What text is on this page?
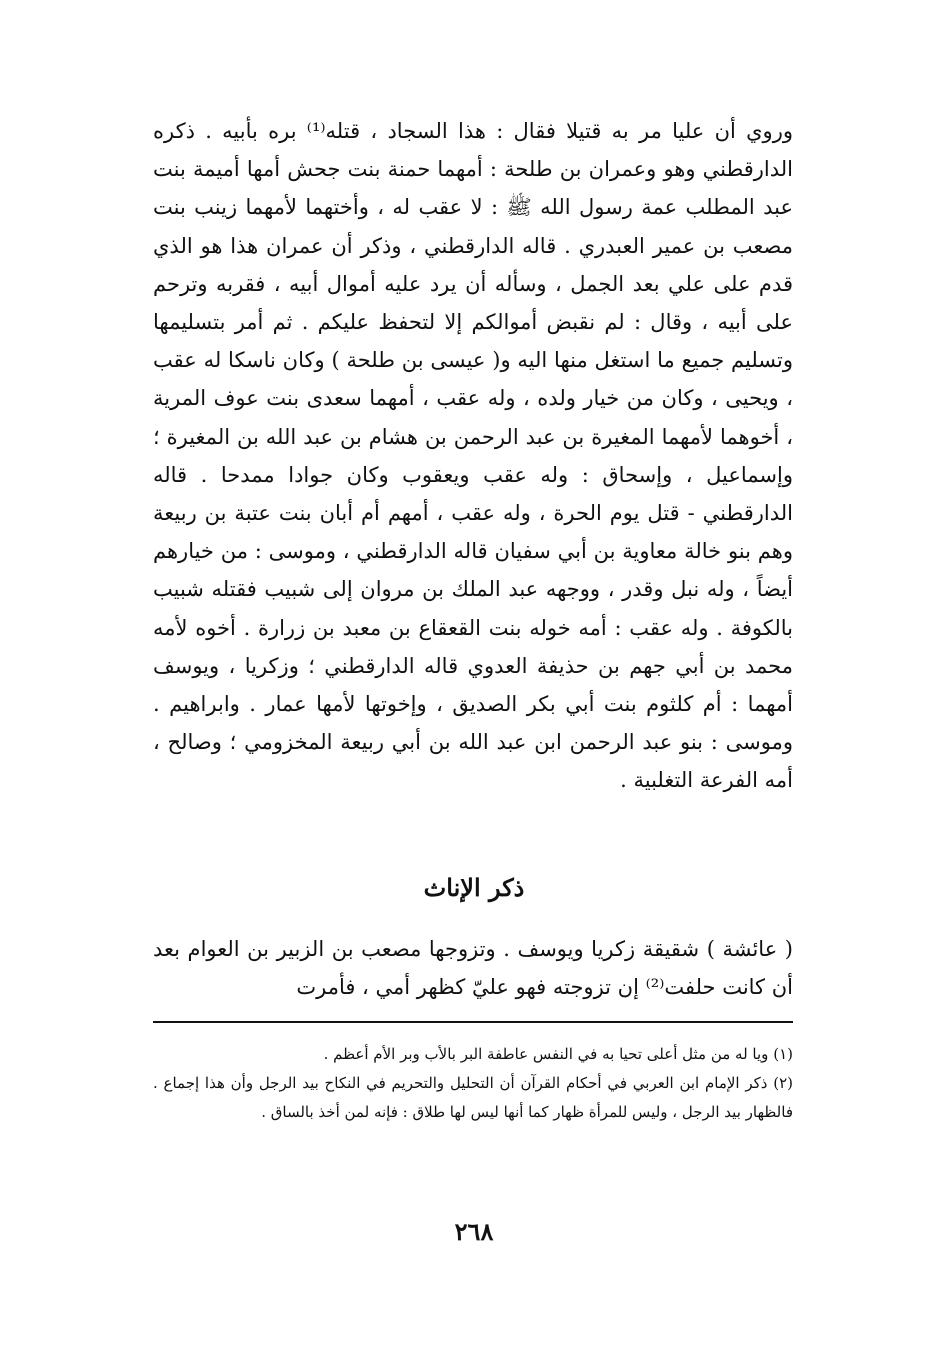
وروي أن عليا مر به قتيلا فقال : هذا السجاد ، قتله⁽¹⁾ بره بأبيه . ذكره الدارقطني وهو وعمران بن طلحة : أمهما حمنة بنت جحش أمها أميمة بنت عبد المطلب عمة رسول الله ﷺ : لا عقب له ، وأختهما لأمهما زينب بنت مصعب بن عمير العبدري . قاله الدارقطني ، وذكر أن عمران هذا هو الذي قدم على علي بعد الجمل ، وسأله أن يرد عليه أموال أبيه ، فقربه وترحم على أبيه ، وقال : لم نقبض أموالكم إلا لتحفظ عليكم . ثم أمر بتسليمها وتسليم جميع ما استغل منها اليه و( عيسى بن طلحة ) وكان ناسكا له عقب ، ويحيى ، وكان من خيار ولده ، وله عقب ، أمهما سعدى بنت عوف المرية ، أخوهما لأمهما المغيرة بن عبد الرحمن بن هشام بن عبد الله بن المغيرة ؛ وإسماعيل ، وإسحاق : وله عقب ويعقوب وكان جوادا ممدحا . قاله الدارقطني - قتل يوم الحرة ، وله عقب ، أمهم أم أبان بنت عتبة بن ربيعة وهم بنو خالة معاوية بن أبي سفيان قاله الدارقطني ، وموسى : من خيارهم أيضاً ، وله نبل وقدر ، ووجهه عبد الملك بن مروان إلى شبيب فقتله شبيب بالكوفة . وله عقب : أمه خوله بنت القعقاع بن معبد بن زرارة . أخوه لأمه محمد بن أبي جهم بن حذيفة العدوي قاله الدارقطني ؛ وزكريا ، ويوسف أمهما : أم كلثوم بنت أبي بكر الصديق ، وإخوتها لأمها عمار . وابراهيم . وموسى : بنو عبد الرحمن ابن عبد الله بن أبي ربيعة المخزومي ؛ وصالح ، أمه الفرعة التغلبية .

ذكر الإناث

( عائشة ) شقيقة زكريا ويوسف . وتزوجها مصعب بن الزبير بن العوام بعد أن كانت حلفت⁽²⁾ إن تزوجته فهو عليّ كظهر أمي ، فأمرت

(١) ويا له من مثل أعلى تحيا به في النفس عاطفة البر بالأب وبر الأم أعظم .

(٢) ذكر الإمام ابن العربي في أحكام القرآن أن التحليل والتحريم في النكاح بيد الرجل وأن هذا إجماع . فالظهار بيد الرجل ، وليس للمرأة ظهار كما أنها ليس لها طلاق : فإنه لمن أخذ بالساق .

٢٦٨
